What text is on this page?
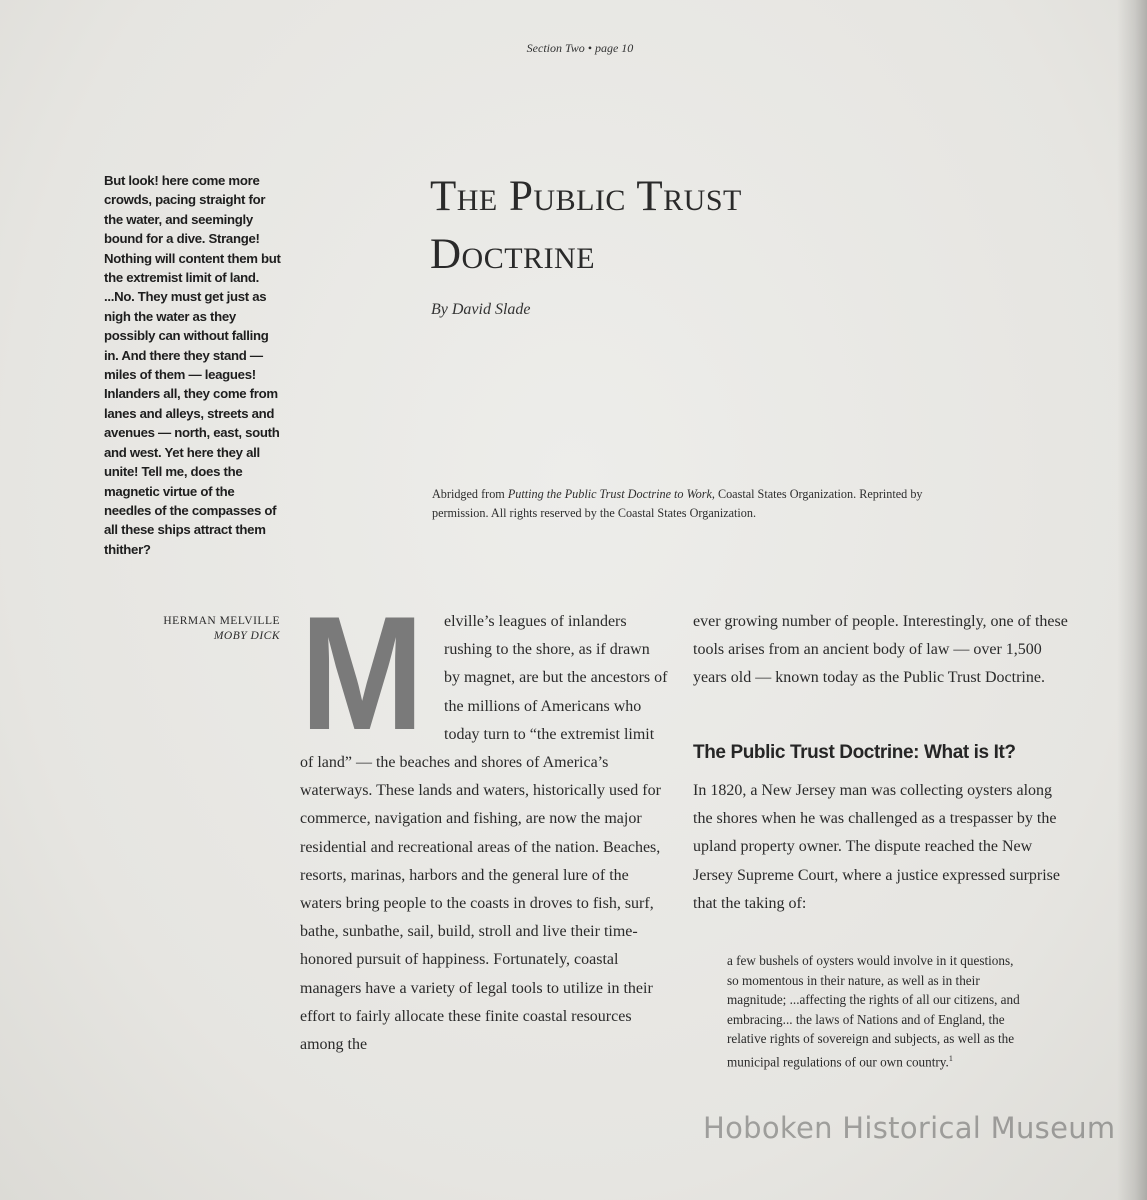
Section Two • page 10
But look! here come more crowds, pacing straight for the water, and seemingly bound for a dive. Strange! Nothing will content them but the extremist limit of land. ...No. They must get just as nigh the water as they possibly can without falling in. And there they stand — miles of them — leagues! Inlanders all, they come from lanes and alleys, streets and avenues — north, east, south and west. Yet here they all unite! Tell me, does the magnetic virtue of the needles of the compasses of all these ships attract them thither?
HERMAN MELVILLE
MOBY DICK
The Public Trust Doctrine
By David Slade
Abridged from Putting the Public Trust Doctrine to Work, Coastal States Organization. Reprinted by permission. All rights reserved by the Coastal States Organization.
M	elville’s leagues of inlanders rushing to the shore, as if drawn by magnet, are but the ancestors of the millions of Americans who today turn to “the extremist limit of land” — the beaches and shores of America’s waterways. These lands and waters, historically used for commerce, navigation and fishing, are now the major residential and recreational areas of the nation. Beaches, resorts, marinas, harbors and the general lure of the waters bring people to the coasts in droves to fish, surf, bathe, sunbathe, sail, build, stroll and live their time-honored pursuit of happiness. Fortunately, coastal managers have a variety of legal tools to utilize in their effort to fairly allocate these finite coastal resources among the

ever growing number of people. Interestingly, one of these tools arises from an ancient body of law — over 1,500 years old — known today as the Public Trust Doctrine.

The Public Trust Doctrine: What is It?

In 1820, a New Jersey man was collecting oysters along the shores when he was challenged as a trespasser by the upland property owner. The dispute reached the New Jersey Supreme Court, where a justice expressed surprise that the taking of:

a few bushels of oysters would involve in it questions, so momentous in their nature, as well as in their magnitude; ...affecting the rights of all our citizens, and embracing... the laws of Nations and of England, the relative rights of sovereign and subjects, as well as the municipal regulations of our own country.$^1$
Hoboken Historical Museum
